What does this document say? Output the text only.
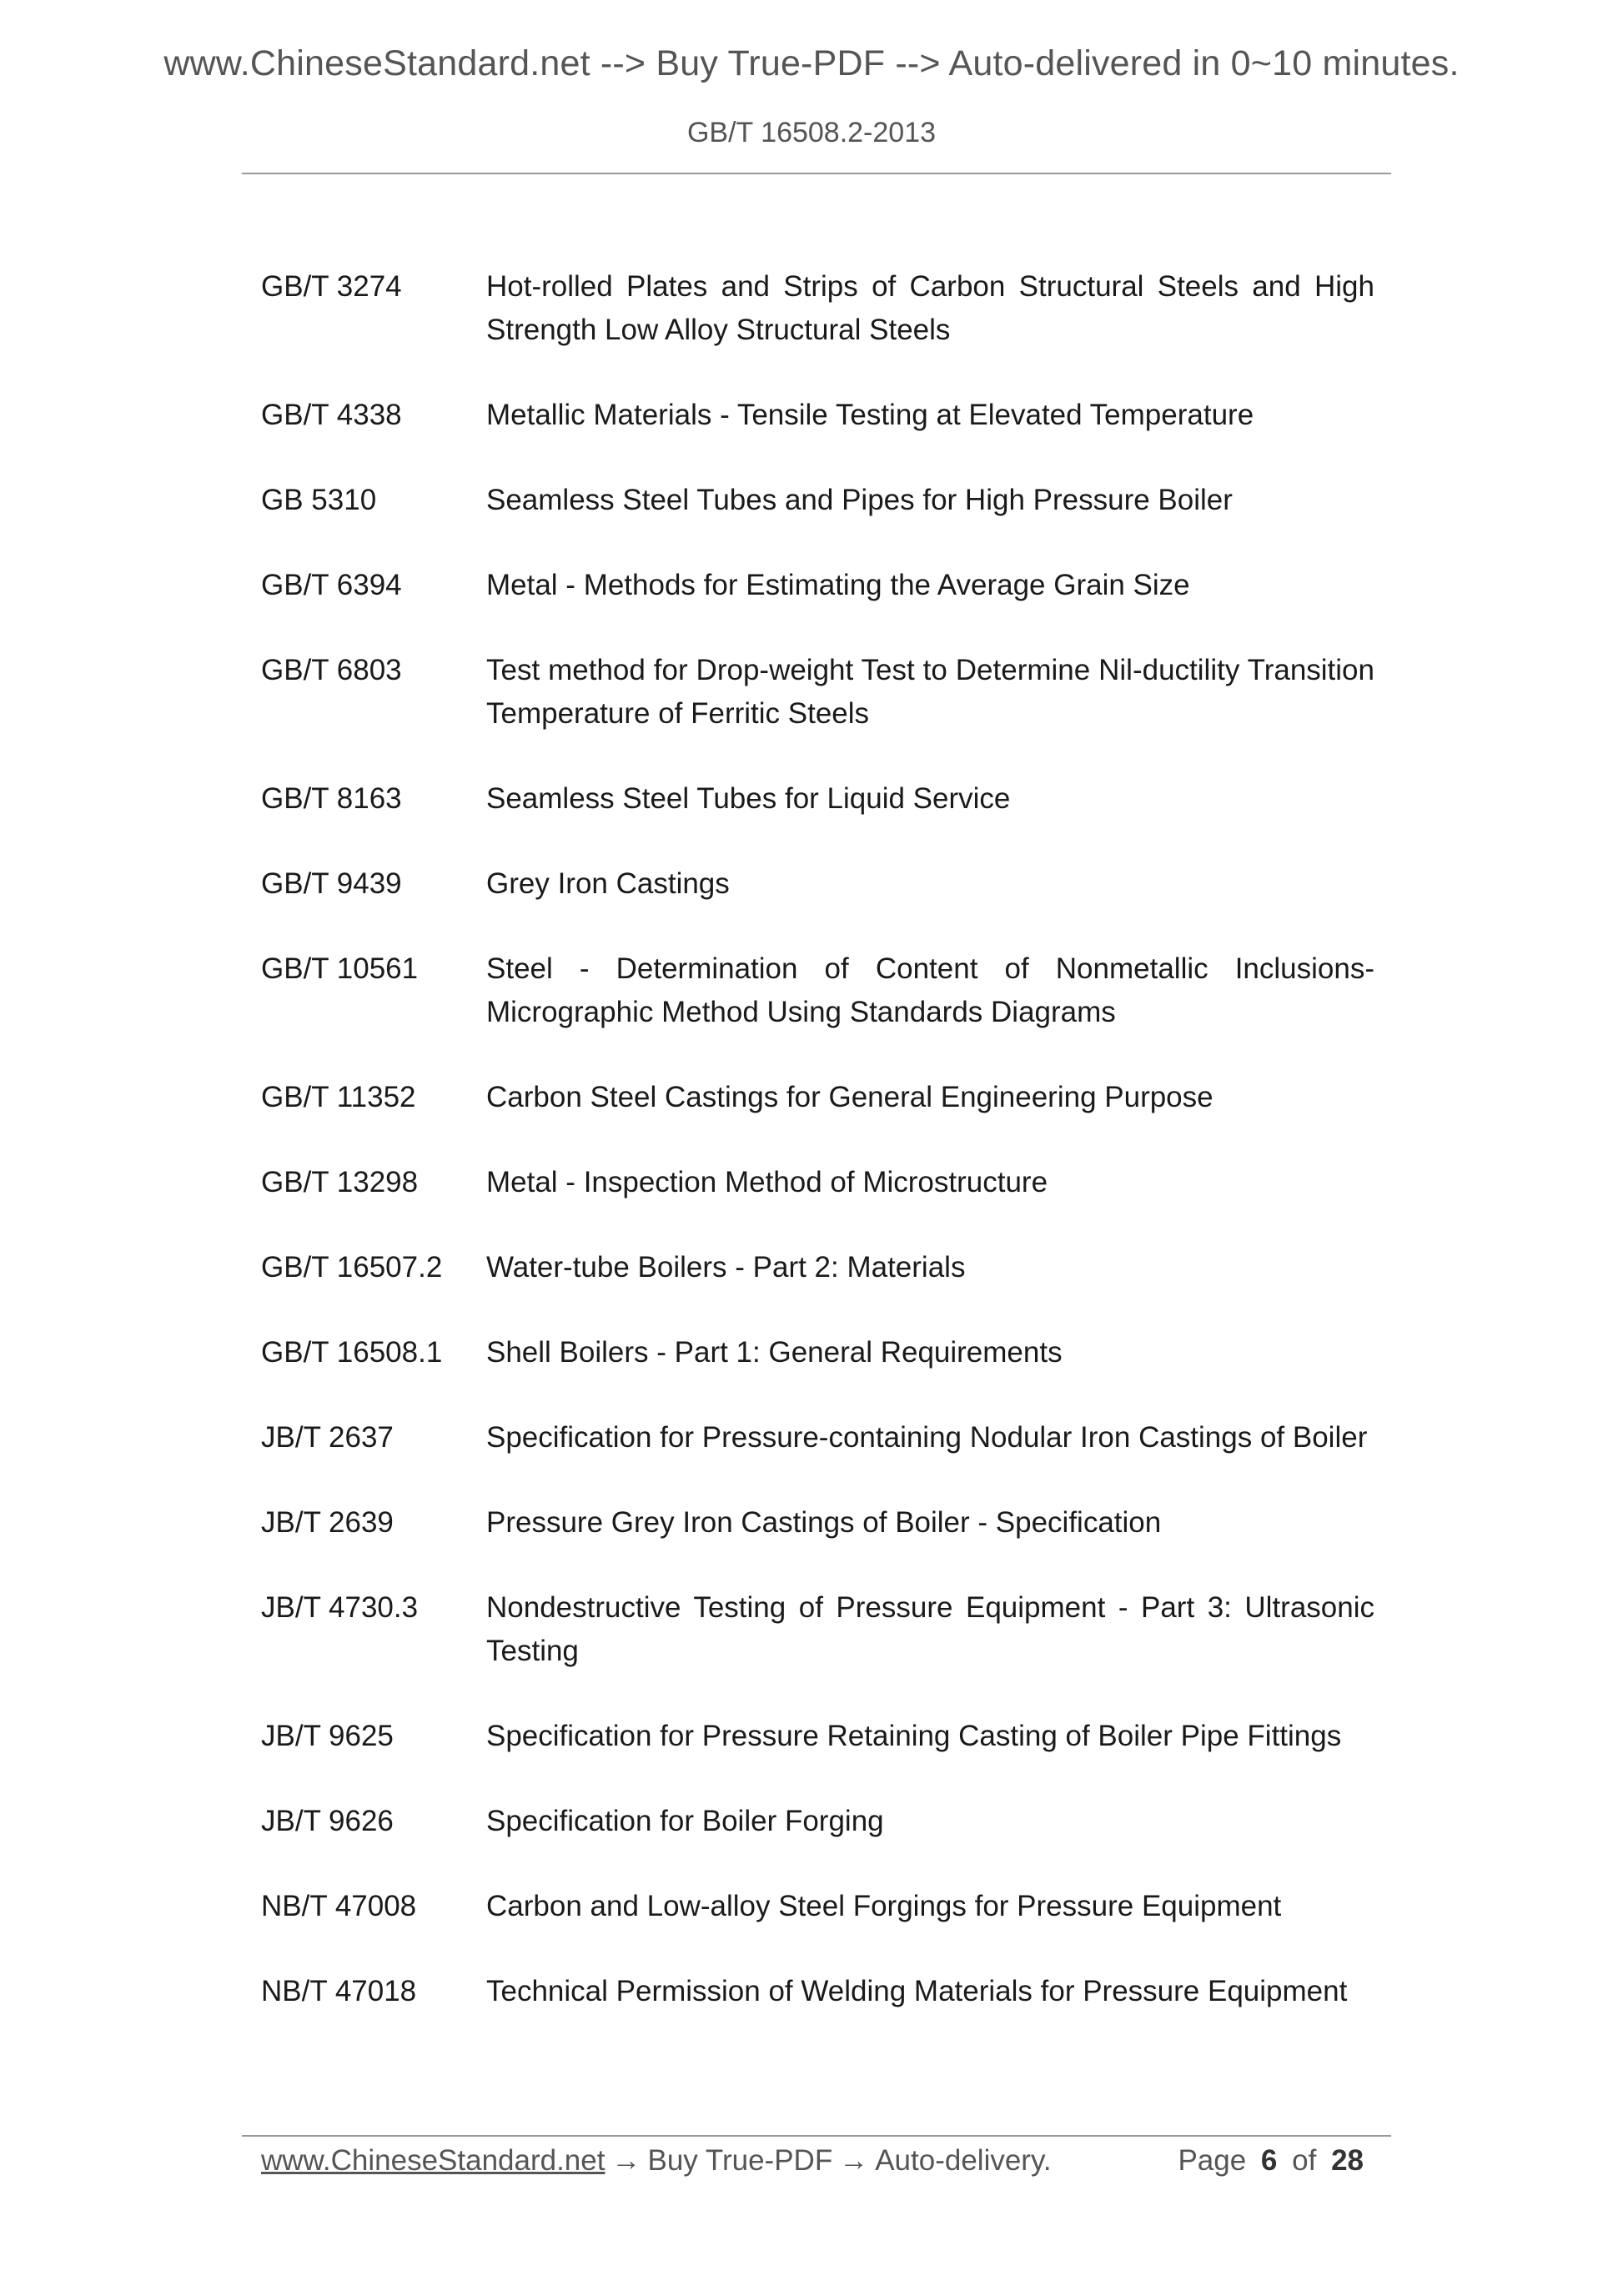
www.ChineseStandard.net --> Buy True-PDF --> Auto-delivered in 0~10 minutes.
GB/T 16508.2-2013
GB/T 3274	Hot-rolled Plates and Strips of Carbon Structural Steels and High Strength Low Alloy Structural Steels
GB/T 4338	Metallic Materials - Tensile Testing at Elevated Temperature
GB 5310	Seamless Steel Tubes and Pipes for High Pressure Boiler
GB/T 6394	Metal - Methods for Estimating the Average Grain Size
GB/T 6803	Test method for Drop-weight Test to Determine Nil-ductility Transition Temperature of Ferritic Steels
GB/T 8163	Seamless Steel Tubes for Liquid Service
GB/T 9439	Grey Iron Castings
GB/T 10561	Steel - Determination of Content of Nonmetallic Inclusions-Micrographic Method Using Standards Diagrams
GB/T 11352	Carbon Steel Castings for General Engineering Purpose
GB/T 13298	Metal - Inspection Method of Microstructure
GB/T 16507.2	Water-tube Boilers - Part 2: Materials
GB/T 16508.1	Shell Boilers - Part 1: General Requirements
JB/T 2637	Specification for Pressure-containing Nodular Iron Castings of Boiler
JB/T 2639	Pressure Grey Iron Castings of Boiler - Specification
JB/T 4730.3	Nondestructive Testing of Pressure Equipment - Part 3: Ultrasonic Testing
JB/T 9625	Specification for Pressure Retaining Casting of Boiler Pipe Fittings
JB/T 9626	Specification for Boiler Forging
NB/T 47008	Carbon and Low-alloy Steel Forgings for Pressure Equipment
NB/T 47018	Technical Permission of Welding Materials for Pressure Equipment
www.ChineseStandard.net → Buy True-PDF → Auto-delivery.	Page 6 of 28
